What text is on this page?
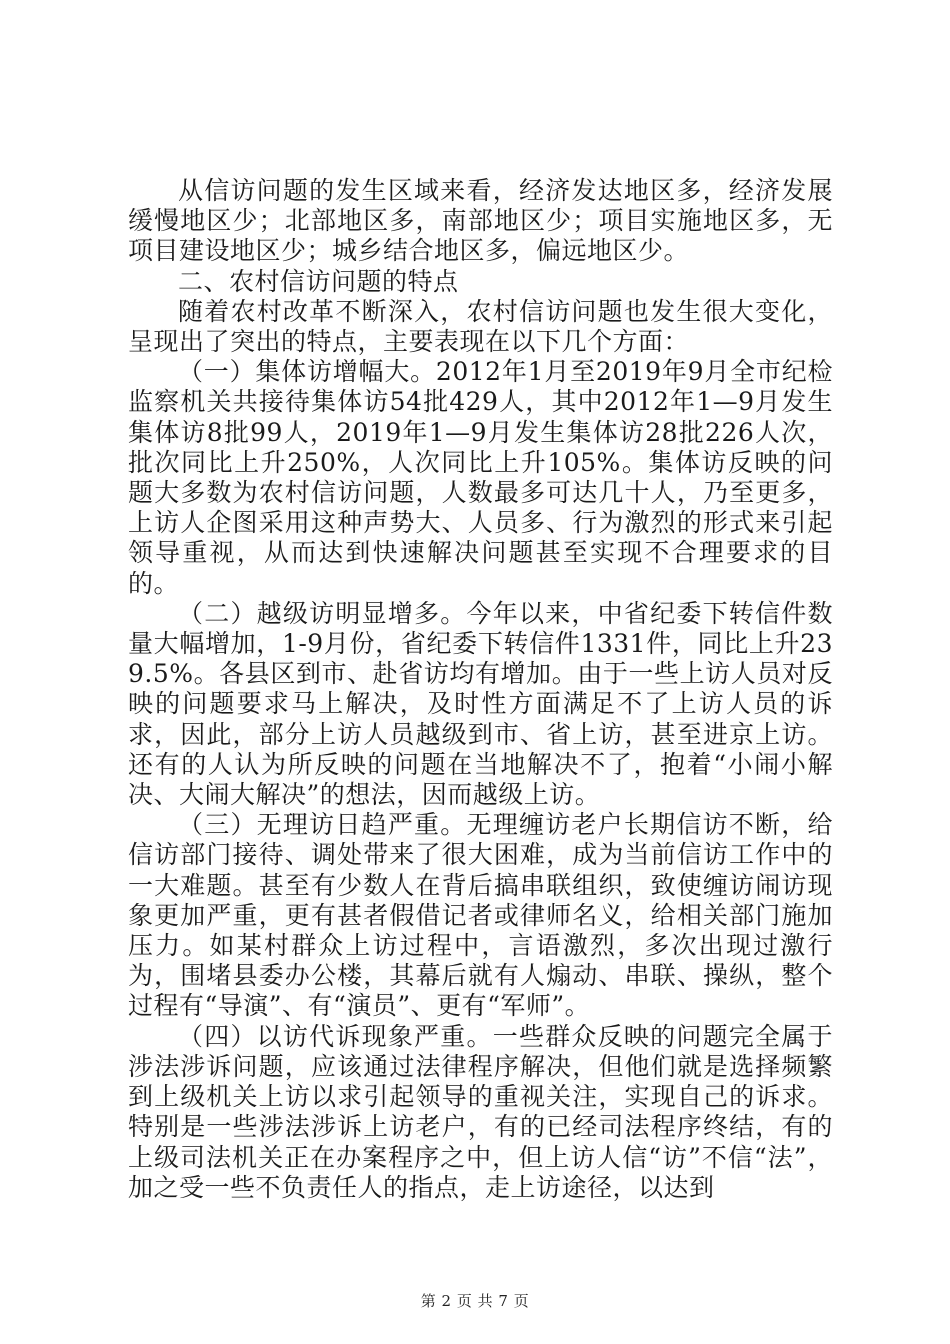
从信访问题的发生区域来看，经济发达地区多，经济发展缓慢地区少；北部地区多，南部地区少；项目实施地区多，无项目建设地区少；城乡结合地区多，偏远地区少。

二、农村信访问题的特点

随着农村改革不断深入，农村信访问题也发生很大变化，呈现出了突出的特点，主要表现在以下几个方面：

（一）集体访增幅大。2012年1月至2019年9月全市纪检监察机关共接待集体访54批429人，其中2012年1—9月发生集体访8批99人，2019年1—9月发生集体访28批226人次，批次同比上升250%，人次同比上升105%。集体访反映的问题大多数为农村信访问题，人数最多可达几十人，乃至更多，上访人企图采用这种声势大、人员多、行为激烈的形式来引起领导重视，从而达到快速解决问题甚至实现不合理要求的目的。

（二）越级访明显增多。今年以来，中省纪委下转信件数量大幅增加，1-9月份，省纪委下转信件1331件，同比上升239.5%。各县区到市、赴省访均有增加。由于一些上访人员对反映的问题要求马上解决，及时性方面满足不了上访人员的诉求，因此，部分上访人员越级到市、省上访，甚至进京上访。还有的人认为所反映的问题在当地解决不了，抱着“小闹小解决、大闹大解决”的想法，因而越级上访。

（三）无理访日趋严重。无理缠访老户长期信访不断，给信访部门接待、调处带来了很大困难，成为当前信访工作中的一大难题。甚至有少数人在背后搞串联组织，致使缠访闹访现象更加严重，更有甚者假借记者或律师名义，给相关部门施加压力。如某村群众上访过程中，言语激烈，多次出现过激行为，围堵县委办公楼，其幕后就有人煽动、串联、操纵，整个过程有“导演”、有“演员”、更有“军师”。

（四）以访代诉现象严重。一些群众反映的问题完全属于涉法涉诉问题，应该通过法律程序解决，但他们就是选择频繁到上级机关上访以求引起领导的重视关注，实现自己的诉求。特别是一些涉法涉诉上访老户，有的已经司法程序终结，有的上级司法机关正在办案程序之中，但上访人信“访”不信“法”，加之受一些不负责任人的指点，走上访途径，以达到

第 2 页 共 7 页
